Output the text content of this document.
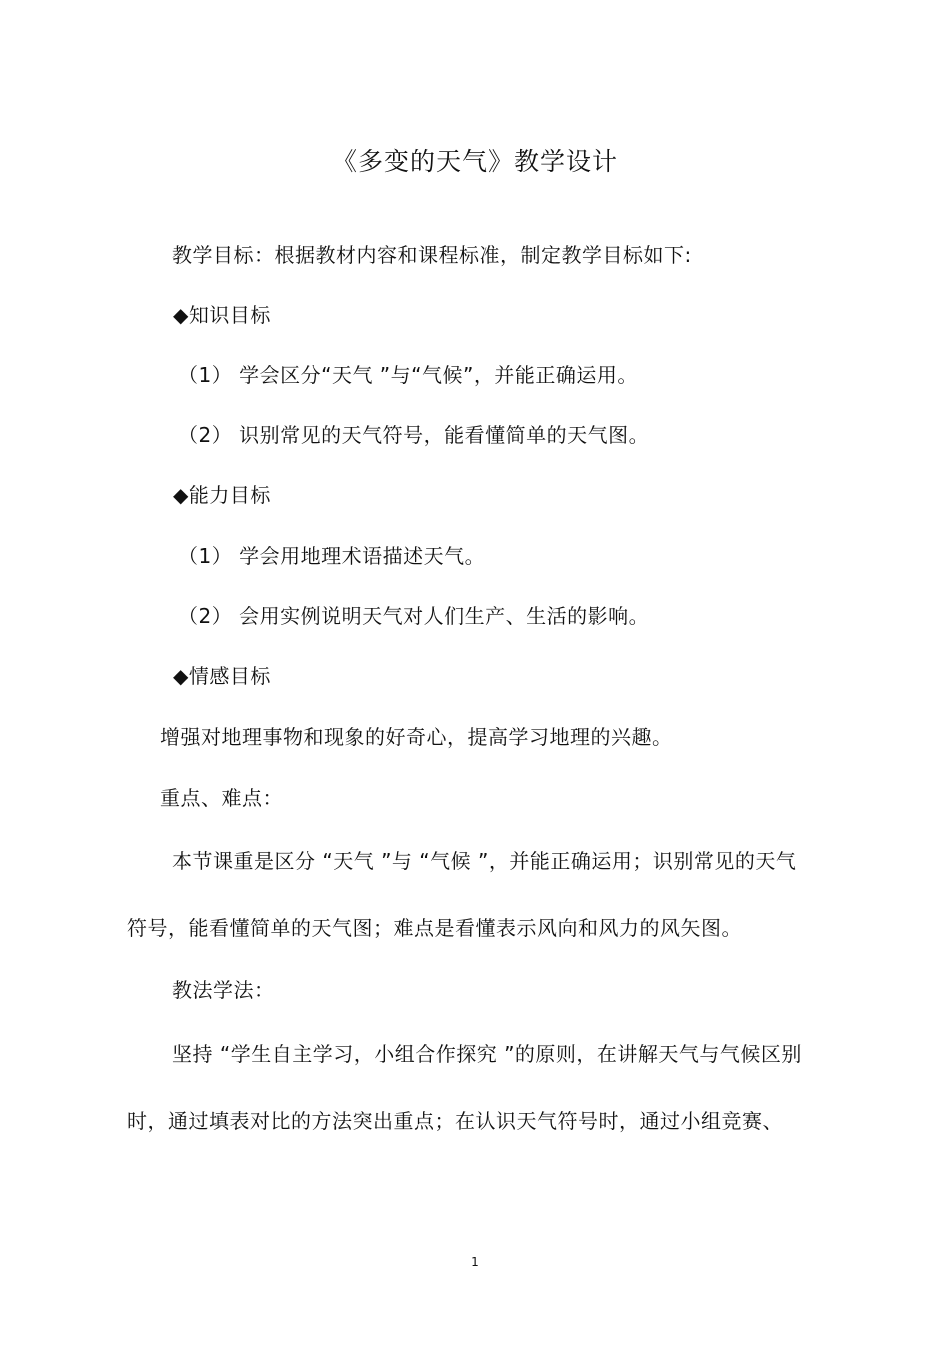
《多变的天气》教学设计
教学目标：根据教材内容和课程标准，制定教学目标如下:
◆知识目标
（1） 学会区分“天气 ”与“气候”，并能正确运用。
（2） 识别常见的天气符号，能看懂简单的天气图。
◆能力目标
（1） 学会用地理术语描述天气。
（2） 会用实例说明天气对人们生产、生活的影响。
◆情感目标
增强对地理事物和现象的好奇心，提高学习地理的兴趣。
重点、难点：
本节课重是区分 “天气 ”与 “气候 ”，并能正确运用；识别常见的天气
符号，能看懂简单的天气图；难点是看懂表示风向和风力的风矢图。
教法学法：
坚持 “学生自主学习，小组合作探究 ”的原则，在讲解天气与气候区别
时，通过填表对比的方法突出重点；在认识天气符号时，通过小组竞赛、
1
